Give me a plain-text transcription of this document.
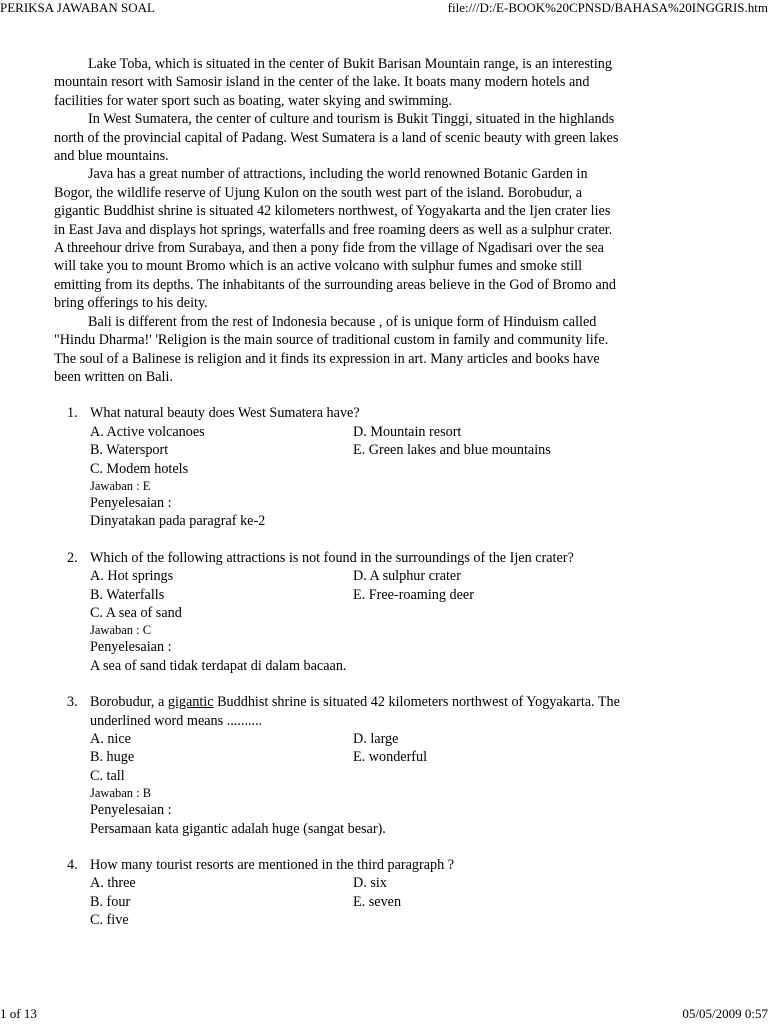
PERIKSA JAWABAN SOAL	file:///D:/E-BOOK%20CPNSD/BAHASA%20INGGRIS.htm

Lake Toba, which is situated in the center of Bukit Barisan Mountain range, is an interesting mountain resort with Samosir island in the center of the lake. It boats many modern hotels and facilities for water sport such as boating, water skying and swimming.

In West Sumatera, the center of culture and tourism is Bukit Tinggi, situated in the highlands north of the provincial capital of Padang. West Sumatera is a land of scenic beauty with green lakes and blue mountains.

Java has a great number of attractions, including the world renowned Botanic Garden in Bogor, the wildlife reserve of Ujung Kulon on the south west part of the island. Borobudur, a gigantic Buddhist shrine is situated 42 kilometers northwest, of Yogyakarta and the Ijen crater lies in East Java and displays hot springs, waterfalls and free roaming deers as well as a sulphur crater. A threehour drive from Surabaya, and then a pony fide from the village of Ngadisari over the sea will take you to mount Bromo which is an active volcano with sulphur fumes and smoke still emitting from its depths. The inhabitants of the surrounding areas believe in the God of Bromo and bring offerings to his deity.

Bali is different from the rest of Indonesia because , of is unique form of Hinduism called "Hindu Dharma!' 'Religion is the main source of traditional custom in family and community life. The soul of a Balinese is religion and it finds its expression in art. Many articles and books have been written on Bali.

1. What natural beauty does West Sumatera have?
A. Active volcanoes	D. Mountain resort
B. Watersport	E. Green lakes and blue mountains
C. Modem hotels
Jawaban : E
Penyelesaian :
Dinyatakan pada paragraf ke-2
2. Which of the following attractions is not found in the surroundings of the Ijen crater?
A. Hot springs	D. A sulphur crater
B. Waterfalls	E. Free-roaming deer
C. A sea of sand
Jawaban : C
Penyelesaian :
A sea of sand tidak terdapat di dalam bacaan.
3. Borobudur, a gigantic Buddhist shrine is situated 42 kilometers northwest of Yogyakarta. The underlined word means ..........
A. nice	D. large
B. huge	E. wonderful
C. tall
Jawaban : B
Penyelesaian :
Persamaan kata gigantic adalah huge (sangat besar).
4. How many tourist resorts are mentioned in the third paragraph ?
A. three	D. six
B. four	E. seven
C. five
1 of 13	05/05/2009 0:57
